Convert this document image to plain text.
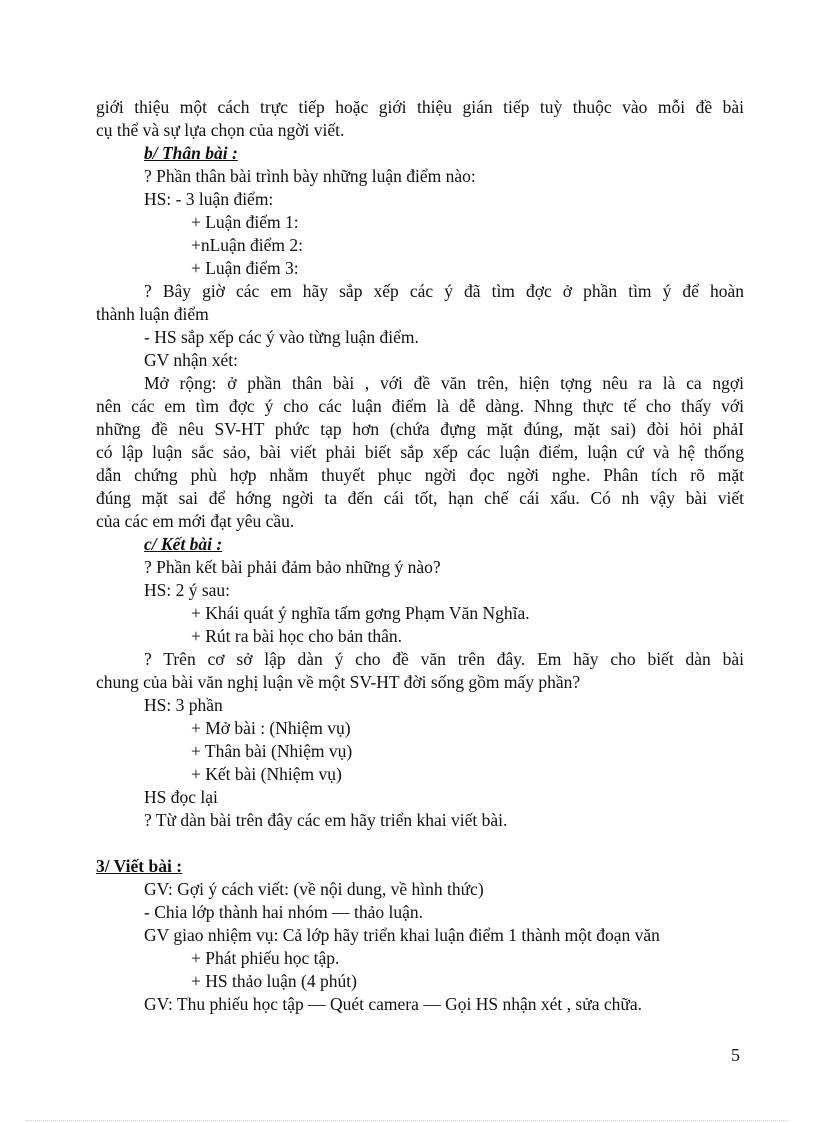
giới thiệu một cách trực tiếp hoặc giới thiệu gián tiếp tuỳ thuộc vào mỗi đề bài
cụ thể và sự lựa chọn của ngời viết.
b/ Thân bài :
? Phần thân bài trình bày những luận điểm nào:
HS: - 3 luận điểm:
+ Luận điểm 1:
+nLuận điểm 2:
+ Luận điểm 3:
? Bây giờ các em hãy sắp xếp các ý đã tìm đợc ở phần tìm ý để hoàn
thành luận điểm
- HS sắp xếp các ý vào từng luận điểm.
GV nhận xét:
Mở rộng: ở phần thân bài , với đề văn trên, hiện tợng nêu ra là ca ngợi
nên các em tìm đợc ý cho các luận điểm là dễ dàng. Nhng thực tế cho thấy với
những đề nêu SV-HT phức tạp hơn (chứa đựng mặt đúng, mặt sai) đòi hỏi phảI
có lập luận sắc sảo, bài viết phải biết sắp xếp các luận điểm, luận cứ và hệ thống
dẫn chứng phù hợp nhằm thuyết phục ngời đọc ngời nghe. Phân tích rõ mặt
đúng mặt sai để hớng ngời ta đến cái tốt, hạn chế cái xấu. Có nh vậy bài viết
của các em mới đạt yêu cầu.
c/ Kết bài :
? Phần kết bài phải đảm bảo những ý nào?
HS: 2 ý sau:
+ Khái quát ý nghĩa tấm gơng Phạm Văn Nghĩa.
+ Rút ra bài học cho bản thân.
? Trên cơ sở lập dàn ý cho đề văn trên đây. Em hãy cho biết dàn bài
chung của bài văn nghị luận về một SV-HT đời sống gồm mấy phần?
HS: 3 phần
+ Mở bài : (Nhiệm vụ)
+ Thân bài (Nhiệm vụ)
+ Kết bài (Nhiệm vụ)
HS đọc lại
? Từ dàn bài trên đây các em hãy triển khai viết bài.
3/ Viết bài :
GV: Gợi ý cách viết: (về nội dung, về hình thức)
- Chia lớp thành hai nhóm — thảo luận.
GV giao nhiệm vụ: Cả lớp hãy triển khai luận điểm 1 thành một đoạn văn
+ Phát phiếu học tập.
+ HS thảo luận (4 phút)
GV: Thu phiếu học tập — Quét camera — Gọi HS nhận xét , sửa chữa.
5
